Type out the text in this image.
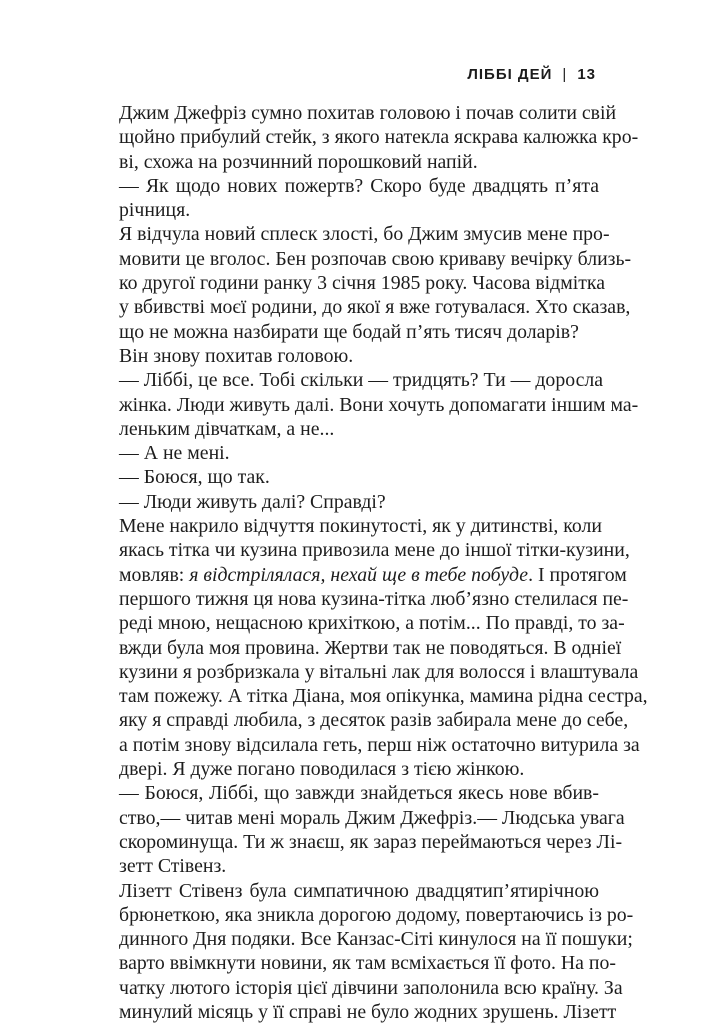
ЛІББІ ДЕЙ | 13
Джим Джефріз сумно похитав головою і почав солити свій
щойно прибулий стейк, з якого натекла яскрава калюжка кро-
ві, схожа на розчинний порошковий напій.
— Як щодо нових пожертв? Скоро буде двадцять п’ята
річниця.
Я відчула новий сплеск злості, бо Джим змусив мене про-
мовити це вголос. Бен розпочав свою криваву вечірку близь-
ко другої години ранку 3 січня 1985 року. Часова відмітка
у вбивстві моєї родини, до якої я вже готувалася. Хто сказав,
що не можна назбирати ще бодай п’ять тисяч доларів?
Він знову похитав головою.
— Ліббі, це все. Тобі скільки — тридцять? Ти — доросла
жінка. Люди живуть далі. Вони хочуть допомагати іншим ма-
леньким дівчаткам, а не...
— А не мені.
— Боюся, що так.
— Люди живуть далі? Справді?
Мене накрило відчуття покинутості, як у дитинстві, коли
якась тітка чи кузина привозила мене до іншої тітки-кузини,
мовляв: я відстрілялася, нехай ще в тебе побуде. І протягом
першого тижня ця нова кузина-тітка люб’язно стелилася пе-
реді мною, нещасною крихіткою, а потім... По правді, то за-
вжди була моя провина. Жертви так не поводяться. В одніеї
кузини я розбризкала у вітальні лак для волосся і влаштувала
там пожежу. А тітка Діана, моя опікунка, мамина рідна сестра,
яку я справді любила, з десяток разів забирала мене до себе,
а потім знову відсилала геть, перш ніж остаточно витурила за
двері. Я дуже погано поводилася з тією жінкою.
— Боюся, Ліббі, що завжди знайдеться якесь нове вбив-
ство,— читав мені мораль Джим Джефріз.— Людська увага
скороминуща. Ти ж знаєш, як зараз переймаються через Лі-
зетт Стівенз.
Лізетт Стівенз була симпатичною двадцятип’ятирічною
брюнеткою, яка зникла дорогою додому, повертаючись із ро-
динного Дня подяки. Все Канзас-Сіті кинулося на її пошуки;
варто ввімкнути новини, як там всміхається її фото. На по-
чатку лютого історія цієї дівчини заполонила всю країну. За
минулий місяць у її справі не було жодних зрушень. Лізетт
